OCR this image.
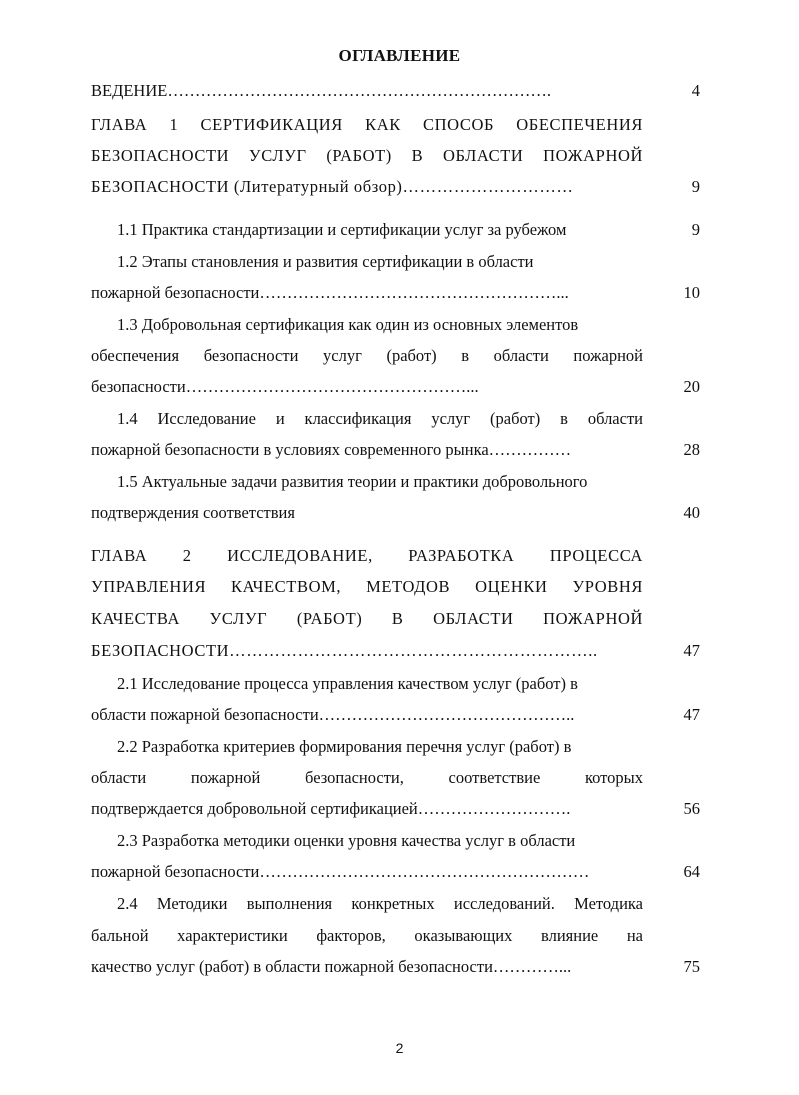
ОГЛАВЛЕНИЕ
ВЕДЕНИЕ…………………………………………………………….	4
ГЛАВА 1 СЕРТИФИКАЦИЯ КАК СПОСОБ ОБЕСПЕЧЕНИЯ
БЕЗОПАСНОСТИ УСЛУГ (РАБОТ) В ОБЛАСТИ ПОЖАРНОЙ
БЕЗОПАСНОСТИ (Литературный обзор)…………………………	9
1.1 Практика стандартизации и сертификации услуг за рубежом	9
1.2 Этапы становления и развития сертификации в области
пожарной безопасности………………………………………………...	10
1.3 Добровольная сертификация как один из основных элементов
обеспечения безопасности услуг (работ) в области пожарной
безопасности……………………………………………...	20
1.4 Исследование и классификация услуг (работ) в области
пожарной безопасности в условиях современного рынка……………	28
1.5 Актуальные задачи развития теории и практики добровольного
подтверждения соответствия	40
ГЛАВА 2 ИССЛЕДОВАНИЕ, РАЗРАБОТКА ПРОЦЕССА
УПРАВЛЕНИЯ КАЧЕСТВОМ, МЕТОДОВ ОЦЕНКИ УРОВНЯ
КАЧЕСТВА УСЛУГ (РАБОТ) В ОБЛАСТИ ПОЖАРНОЙ
БЕЗОПАСНОСТИ………………………………………………………..	47
2.1 Исследование процесса управления качеством услуг (работ) в
области пожарной безопасности………………………………………..	47
2.2 Разработка критериев формирования перечня услуг (работ) в
области пожарной безопасности, соответствие которых
подтверждается добровольной сертификацией……………………….	56
2.3 Разработка методики оценки уровня качества услуг в области
пожарной безопасности……………………………………………………	64
2.4 Методики выполнения конкретных исследований. Методика
бальной характеристики факторов, оказывающих влияние на
качество услуг (работ) в области пожарной безопасности…………...	75
2
